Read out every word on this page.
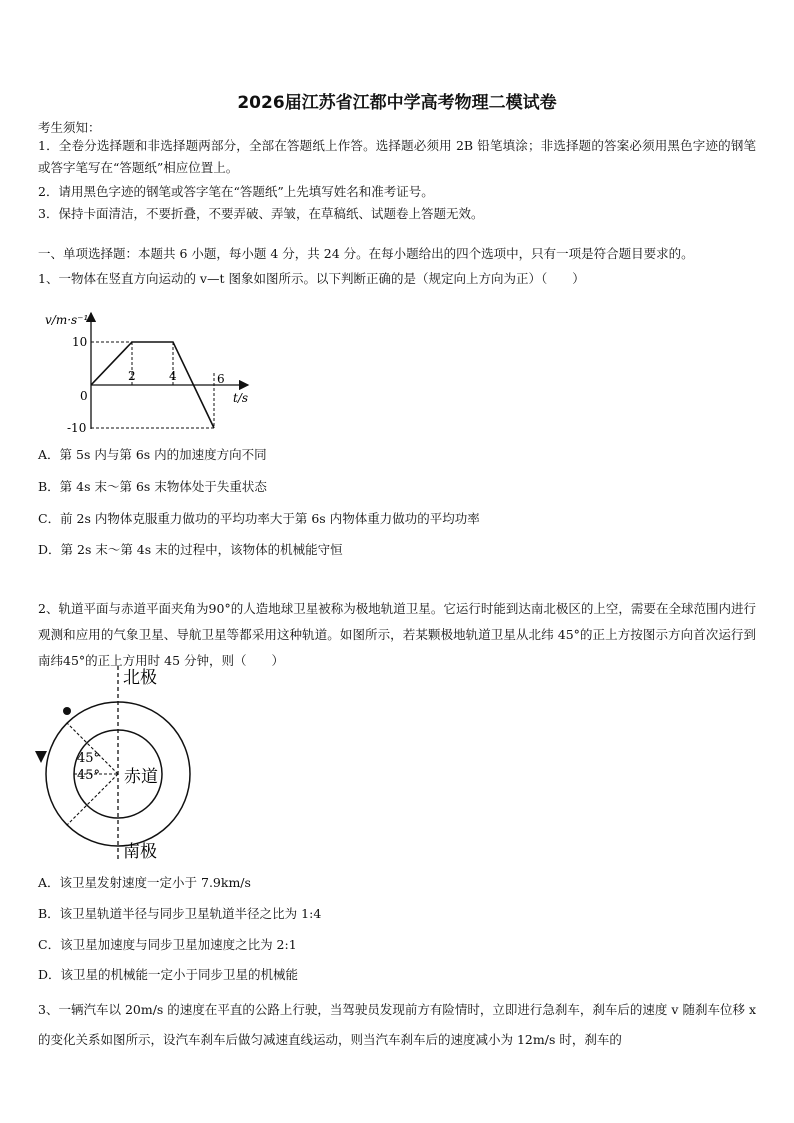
2026届江苏省江都中学高考物理二模试卷
考生须知：
1．全卷分选择题和非选择题两部分，全部在答题纸上作答。选择题必须用 2B 铅笔填涂；非选择题的答案必须用黑色字迹的钢笔或答字笔写在“答题纸”相应位置上。
2．请用黑色字迹的钢笔或答字笔在“答题纸”上先填写姓名和准考证号。
3．保持卡面清洁，不要折叠，不要弄破、弄皱，在草稿纸、试题卷上答题无效。
一、单项选择题：本题共 6 小题，每小题 4 分，共 24 分。在每小题给出的四个选项中，只有一项是符合题目要求的。
1、一物体在竖直方向运动的 v—t 图象如图所示。以下判断正确的是（规定向上方向为正）（　　）
v/m·s⁻¹
t/s
0
2	4	6
10
-10
A．第 5s 内与第 6s 内的加速度方向不同
B．第 4s 末～第 6s 末物体处于失重状态
C．前 2s 内物体克服重力做功的平均功率大于第 6s 内物体重力做功的平均功率
D．第 2s 末～第 4s 末的过程中，该物体的机械能守恒
2、轨道平面与赤道平面夹角为90°的人造地球卫星被称为极地轨道卫星。它运行时能到达南北极区的上空，需要在全球范围内进行观测和应用的气象卫星、导航卫星等都采用这种轨道。如图所示，若某颗极地轨道卫星从北纬 45°的正上方按图示方向首次运行到南纬45°的正上方用时 45 分钟，则（　　）
北极
南极
赤道
45°
45°
A．该卫星发射速度一定小于 7.9km/s
B．该卫星轨道半径与同步卫星轨道半径之比为 1:4
C．该卫星加速度与同步卫星加速度之比为 2:1
D．该卫星的机械能一定小于同步卫星的机械能
3、一辆汽车以 20m/s 的速度在平直的公路上行驶，当驾驶员发现前方有险情时，立即进行急刹车，刹车后的速度 v 随刹车位移 x 的变化关系如图所示，设汽车刹车后做匀减速直线运动，则当汽车刹车后的速度减小为 12m/s 时，刹车的
